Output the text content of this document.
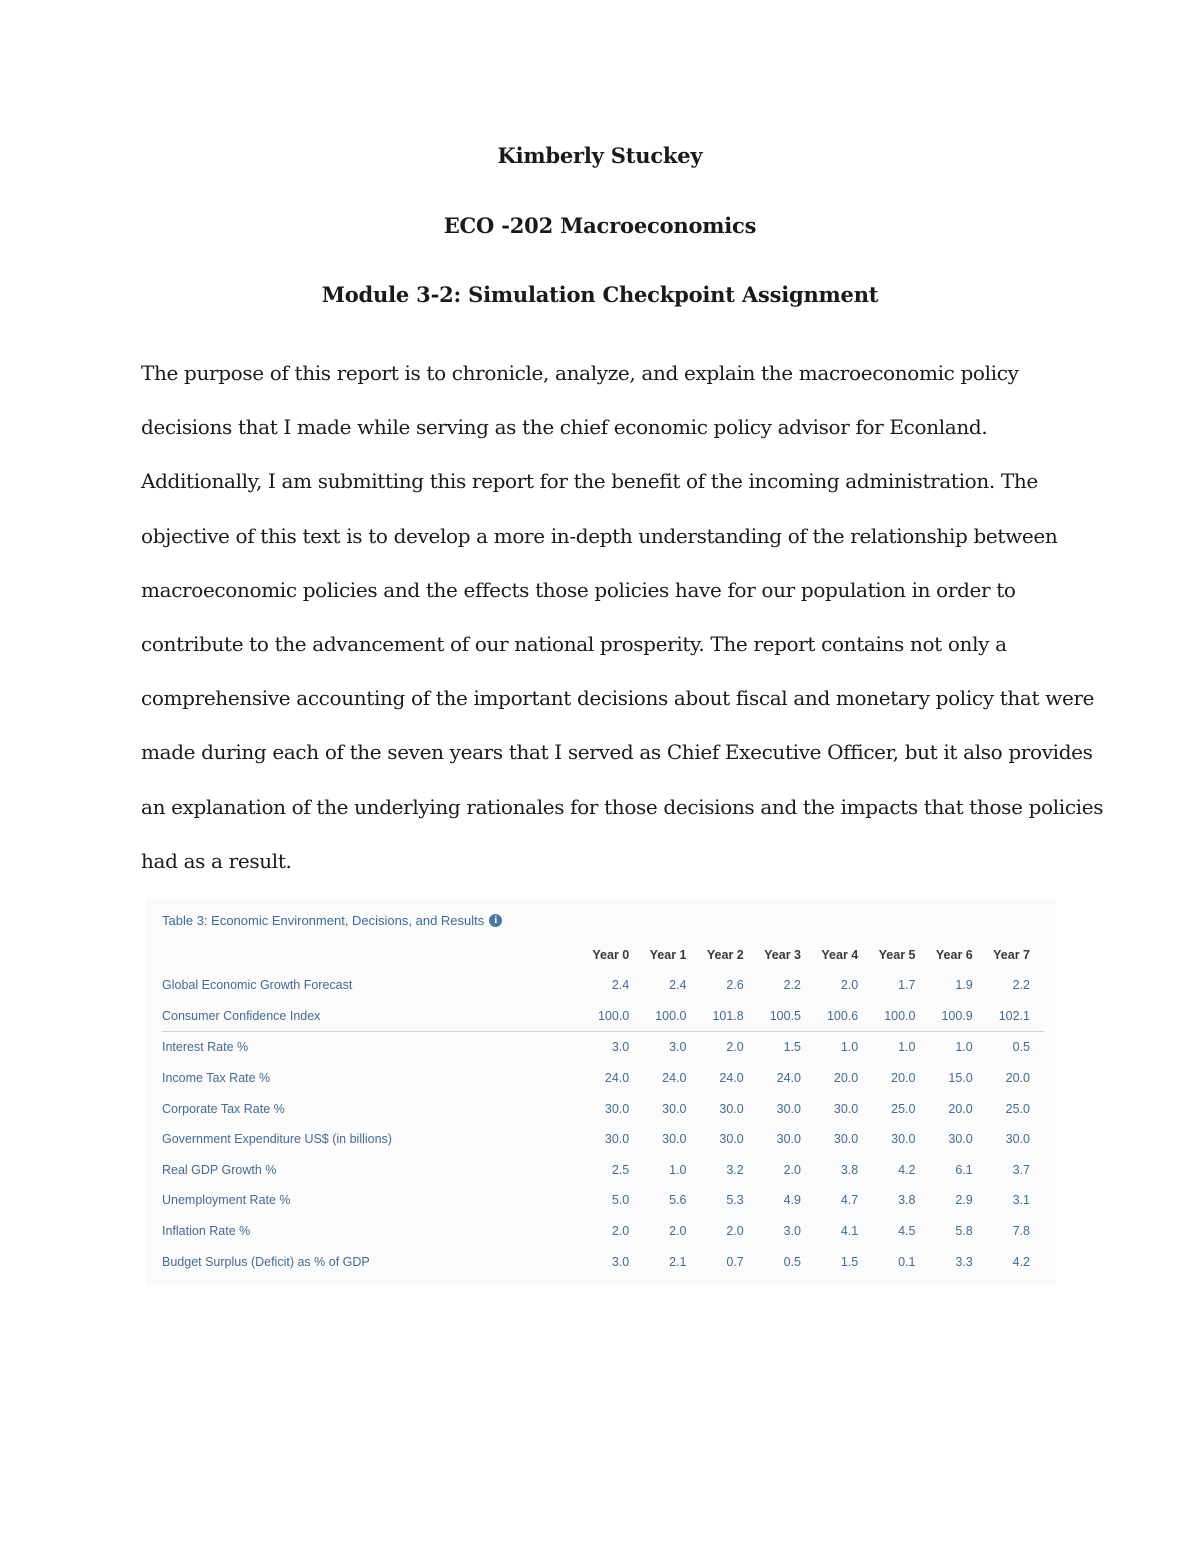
Kimberly Stuckey
ECO -202 Macroeconomics
Module 3-2: Simulation Checkpoint Assignment

The purpose of this report is to chronicle, analyze, and explain the macroeconomic policy
decisions that I made while serving as the chief economic policy advisor for Econland.
Additionally, I am submitting this report for the benefit of the incoming administration. The
objective of this text is to develop a more in-depth understanding of the relationship between
macroeconomic policies and the effects those policies have for our population in order to
contribute to the advancement of our national prosperity. The report contains not only a
comprehensive accounting of the important decisions about fiscal and monetary policy that were
made during each of the seven years that I served as Chief Executive Officer, but it also provides
an explanation of the underlying rationales for those decisions and the impacts that those policies
had as a result.

Table 3: Economic Environment, Decisions, and Results	i
	Year 0	Year 1	Year 2	Year 3	Year 4	Year 5	Year 6	Year 7
Global Economic Growth Forecast	2.4	2.4	2.6	2.2	2.0	1.7	1.9	2.2
Consumer Confidence Index	100.0	100.0	101.8	100.5	100.6	100.0	100.9	102.1
Interest Rate %	3.0	3.0	2.0	1.5	1.0	1.0	1.0	0.5
Income Tax Rate %	24.0	24.0	24.0	24.0	20.0	20.0	15.0	20.0
Corporate Tax Rate %	30.0	30.0	30.0	30.0	30.0	25.0	20.0	25.0
Government Expenditure US$ (in billions)	30.0	30.0	30.0	30.0	30.0	30.0	30.0	30.0
Real GDP Growth %	2.5	1.0	3.2	2.0	3.8	4.2	6.1	3.7
Unemployment Rate %	5.0	5.6	5.3	4.9	4.7	3.8	2.9	3.1
Inflation Rate %	2.0	2.0	2.0	3.0	4.1	4.5	5.8	7.8
Budget Surplus (Deficit) as % of GDP	3.0	2.1	0.7	0.5	1.5	0.1	3.3	4.2
